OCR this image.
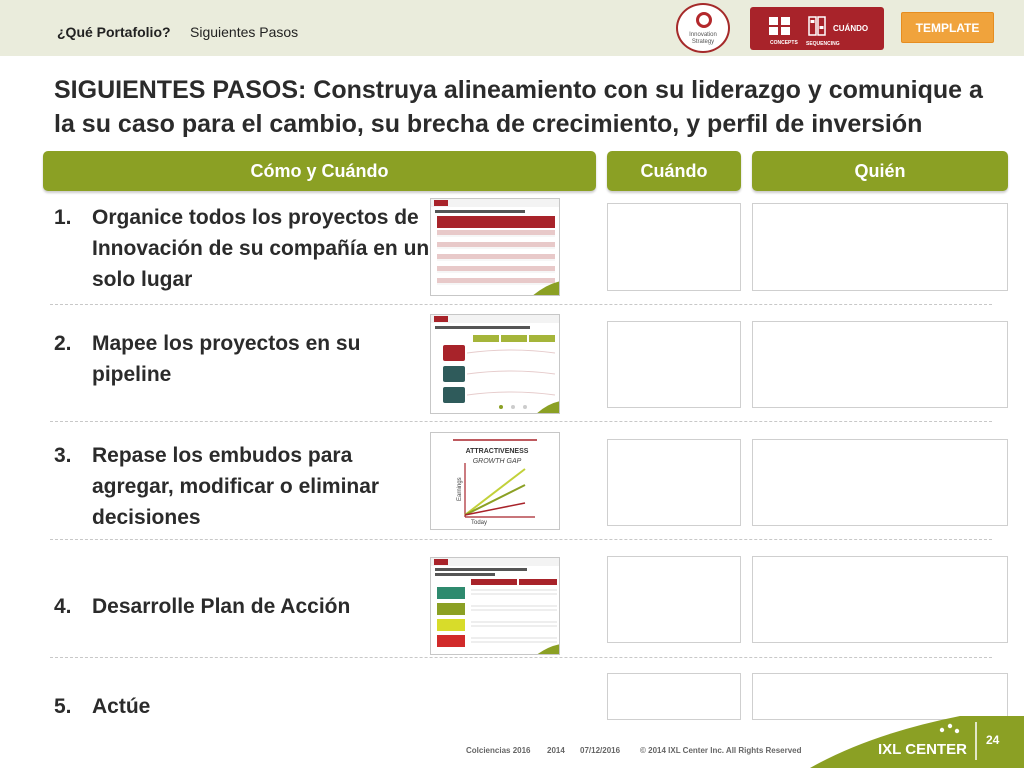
¿Qué Portafolio? Siguientes Pasos	Innovation Strategy	CONCEPTS SEQUENCING
CUÁNDO	TEMPLATE
SIGUIENTES PASOS: Construya alineamiento con su liderazgo y comunique a la su caso para el cambio, su brecha de crecimiento, y perfil de inversión
Cómo y Cuándo	Cuándo	Quién
1. Organice todos los proyectos de Innovación de su compañía en un solo lugar
2. Mapee los proyectos en su pipeline
3. Repase los embudos para agregar, modificar o eliminar decisiones
4. Desarrolle Plan de Acción
5. Actúe
ATTRACTIVENESS
GROWTH GAP
Earnings
Today
Colciencias 2016 2014 07/12/2016 © 2014 IXL Center Inc. All Rights Reserved	IXL CENTER
24
